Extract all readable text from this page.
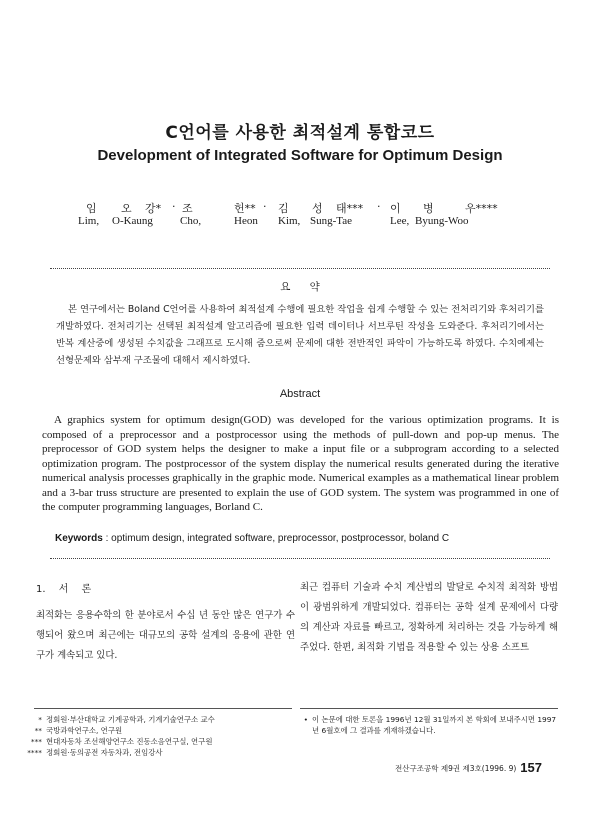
C언어를 사용한 최적설계 통합코드
Development of Integrated Software for Optimum Design
임 오 강* · 조	헌** · 김 성 태*** · 이 병	우****
Lim, O-Kaung Cho,	Heon Kim, Sung-Tae	Lee, Byung-Woo
요 약
본 연구에서는 Boland C언어를 사용하여 최적설계 수행에 필요한 작업을 쉽게 수행할 수 있는 전처리기와 후처리기를 개발하였다. 전처리기는 선택된 최적설계 알고리즘에 필요한 입력 데이터나 서브루틴 작성을 도와준다. 후처리기에서는 반복 계산중에 생성된 수치값을 그래프로 도시해 줌으로써 문제에 대한 전반적인 파악이 가능하도록 하였다. 수치예제는 선형문제와 삼부재 구조물에 대해서 제시하였다.
Abstract
A graphics system for optimum design(GOD) was developed for the various optimization programs. It is composed of a preprocessor and a postprocessor using the methods of pull-down and pop-up menus. The preprocessor of GOD system helps the designer to make a input file or a subprogram according to a selected optimization program. The postprocessor of the system display the numerical results generated during the iterative numerical analysis processes graphically in the graphic mode. Numerical examples as a mathematical linear problem and a 3-bar truss structure are presented to explain the use of GOD system. The system was programmed in one of the computer programming languages, Borland C.
Keywords : optimum design, integrated software, preprocessor, postprocessor, boland C
1. 서 론
최적화는 응용수학의 한 분야로서 수십 년 동안 많은 연구가 수행되어 왔으며 최근에는 대규모의 공학 설계의 응용에 관한 연구가 계속되고 있다.
최근 컴퓨터 기술과 수치 계산법의 발달로 수치적 최적화 방법이 광범위하게 개발되었다. 컴퓨터는 공학 설계 문제에서 다량의 계산과 자료를 빠르고, 정확하게 처리하는 것을 가능하게 해주었다. 한편, 최적화 기법을 적용할 수 있는 상용 소프트
* 정회원·부산대학교 기계공학과, 기계기술연구소 교수
** 국방과학연구소, 연구원
*** 현대자동차 조선해양연구소 진동소음연구실, 연구원
**** 정회원·동의공전 자동차과, 전임강사
• 이 논문에 대한 토론을 1996년 12월 31일까지 본 학회에 보내주시면 1997년 6월호에 그 결과를 게재하겠습니다.
전산구조공학 제9권 제3호(1996. 9) 157
